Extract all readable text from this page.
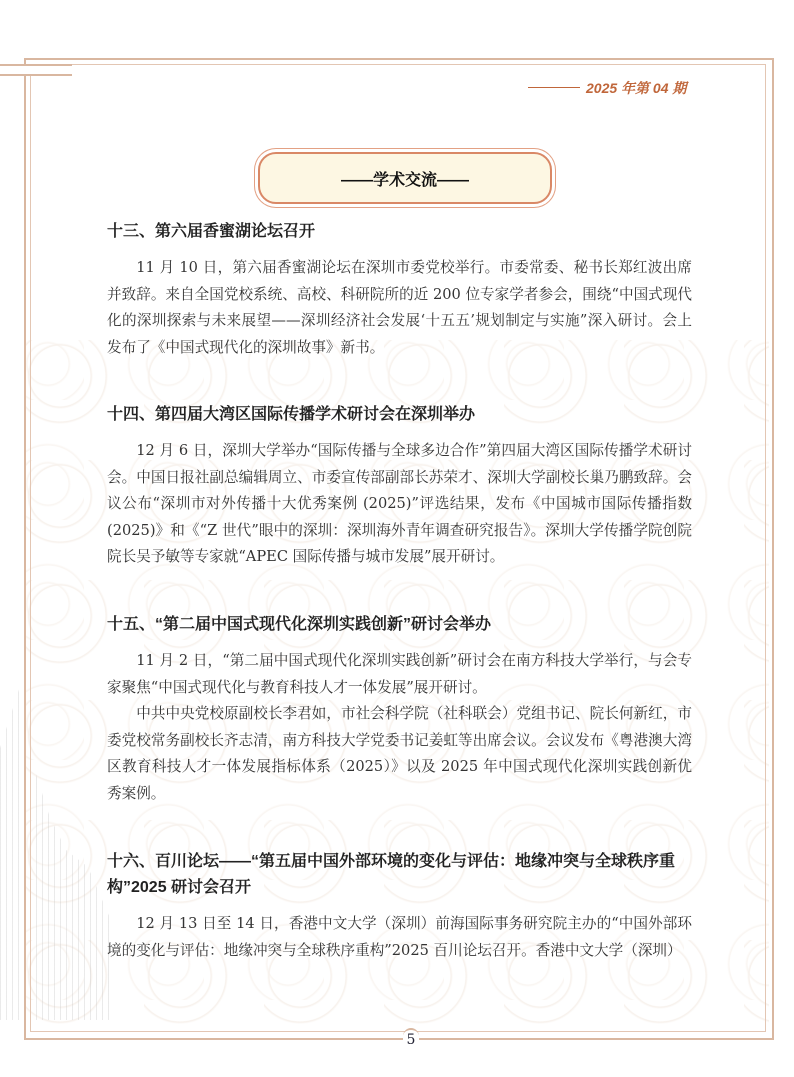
2025 年第 04 期
——学术交流——
十三、第六届香蜜湖论坛召开

11 月 10 日，第六届香蜜湖论坛在深圳市委党校举行。市委常委、秘书长郑红波出席并致辞。来自全国党校系统、高校、科研院所的近 200 位专家学者参会，围绕“中国式现代化的深圳探索与未来展望——深圳经济社会发展‘十五五’规划制定与实施”深入研讨。会上发布了《中国式现代化的深圳故事》新书。

十四、第四届大湾区国际传播学术研讨会在深圳举办

12 月 6 日，深圳大学举办“国际传播与全球多边合作”第四届大湾区国际传播学术研讨会。中国日报社副总编辑周立、市委宣传部副部长苏荣才、深圳大学副校长巢乃鹏致辞。会议公布“深圳市对外传播十大优秀案例 (2025)”评选结果，发布《中国城市国际传播指数 (2025)》和《“Z 世代”眼中的深圳：深圳海外青年调查研究报告》。深圳大学传播学院创院院长吴予敏等专家就“APEC 国际传播与城市发展”展开研讨。

十五、“第二届中国式现代化深圳实践创新”研讨会举办

11 月 2 日，“第二届中国式现代化深圳实践创新”研讨会在南方科技大学举行，与会专家聚焦“中国式现代化与教育科技人才一体发展”展开研讨。

中共中央党校原副校长李君如，市社会科学院（社科联会）党组书记、院长何新红，市委党校常务副校长齐志清，南方科技大学党委书记姜虹等出席会议。会议发布《粤港澳大湾区教育科技人才一体发展指标体系（2025）》以及 2025 年中国式现代化深圳实践创新优秀案例。

十六、百川论坛——“第五届中国外部环境的变化与评估：地缘冲突与全球秩序重构”2025 研讨会召开

12 月 13 日至 14 日，香港中文大学（深圳）前海国际事务研究院主办的“中国外部环境的变化与评估：地缘冲突与全球秩序重构”2025 百川论坛召开。香港中文大学（深圳）

5
